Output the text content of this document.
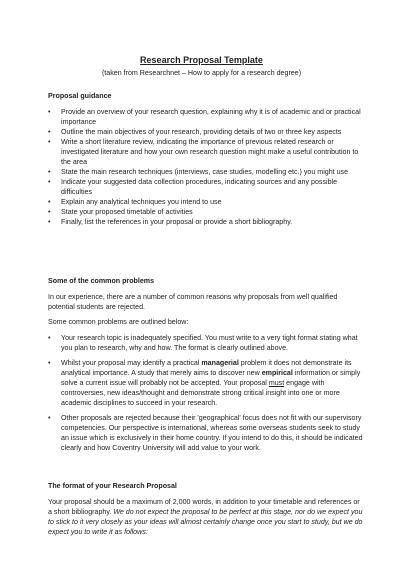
Research Proposal Template
(taken from Researchnet – How to apply for a research degree)

Proposal guidance

• Provide an overview of your research question, explaining why it is of academic and or practical importance
• Outline the main objectives of your research, providing details of two or three key aspects
• Write a short literature review, indicating the importance of previous related research or investigated literature and how your own research question might make a useful contribution to the area
• State the main research techniques (interviews, case studies, modelling etc.) you might use
• Indicate your suggested data collection procedures, indicating sources and any possible difficulties
• Explain any analytical techniques you intend to use
• State your proposed timetable of activities
• Finally, list the references in your proposal or provide a short bibliography.

Some of the common problems

In our experience, there are a number of common reasons why proposals from well qualified potential students are rejected.

Some common problems are outlined below:

• Your research topic is inadequately specified. You must write to a very tight format stating what you plan to research, why and how. The format is clearly outlined above.
• Whilst your proposal may identify a practical managerial problem it does not demonstrate its analytical importance. A study that merely aims to discover new empirical information or simply solve a current issue will probably not be accepted. Your proposal must engage with controversies, new ideas/thought and demonstrate strong critical insight into one or more academic disciplines to succeed in your research.
• Other proposals are rejected because their 'geographical' focus does not fit with our supervisory competencies. Our perspective is international, whereas some overseas students seek to study an issue which is exclusively in their home country. If you intend to do this, it should be indicated clearly and how Coventry University will add value to your work.

The format of your Research Proposal

Your proposal should be a maximum of 2,000 words, in addition to your timetable and references or a short bibliography. We do not expect the proposal to be perfect at this stage, nor do we expect you to stick to it very closely as your ideas will almost certainly change once you start to study, but we do expect you to write it as follows:
